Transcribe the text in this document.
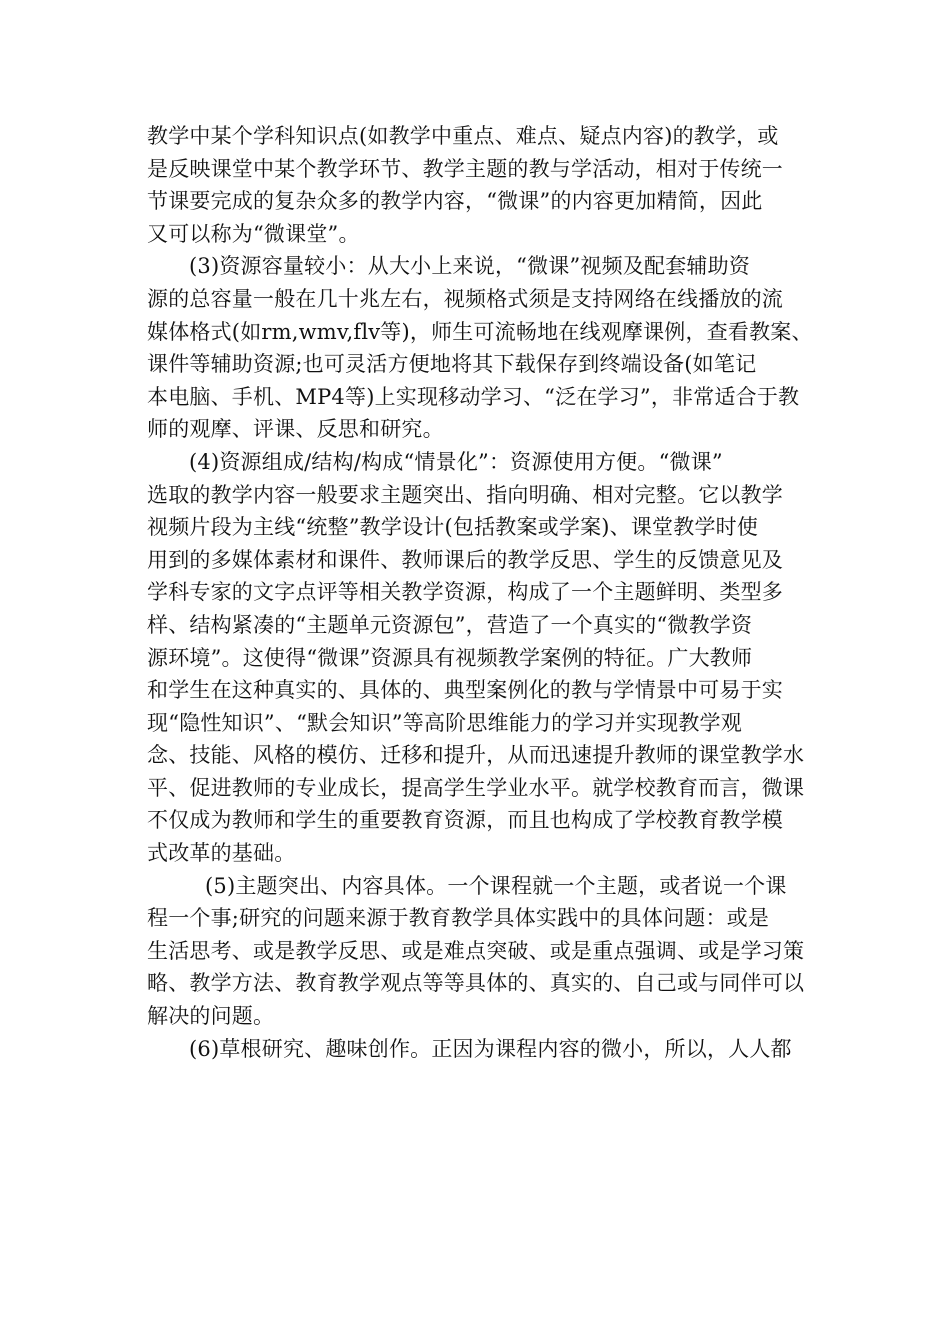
教学中某个学科知识点(如教学中重点、难点、疑点内容)的教学，或
是反映课堂中某个教学环节、教学主题的教与学活动，相对于传统一
节课要完成的复杂众多的教学内容，“微课”的内容更加精简，因此
又可以称为“微课堂”。
(3)资源容量较小：从大小上来说，“微课”视频及配套辅助资
源的总容量一般在几十兆左右，视频格式须是支持网络在线播放的流
媒体格式(如rm,wmv,flv等)，师生可流畅地在线观摩课例，查看教案、
课件等辅助资源;也可灵活方便地将其下载保存到终端设备(如笔记
本电脑、手机、MP4等)上实现移动学习、“泛在学习”，非常适合于教
师的观摩、评课、反思和研究。
(4)资源组成/结构/构成“情景化”：资源使用方便。“微课”
选取的教学内容一般要求主题突出、指向明确、相对完整。它以教学
视频片段为主线“统整”教学设计(包括教案或学案)、课堂教学时使
用到的多媒体素材和课件、教师课后的教学反思、学生的反馈意见及
学科专家的文字点评等相关教学资源，构成了一个主题鲜明、类型多
样、结构紧凑的“主题单元资源包”，营造了一个真实的“微教学资
源环境”。这使得“微课”资源具有视频教学案例的特征。广大教师
和学生在这种真实的、具体的、典型案例化的教与学情景中可易于实
现“隐性知识”、“默会知识”等高阶思维能力的学习并实现教学观
念、技能、风格的模仿、迁移和提升，从而迅速提升教师的课堂教学水
平、促进教师的专业成长，提高学生学业水平。就学校教育而言，微课
不仅成为教师和学生的重要教育资源，而且也构成了学校教育教学模
式改革的基础。
(5)主题突出、内容具体。一个课程就一个主题，或者说一个课
程一个事;研究的问题来源于教育教学具体实践中的具体问题：或是
生活思考、或是教学反思、或是难点突破、或是重点强调、或是学习策
略、教学方法、教育教学观点等等具体的、真实的、自己或与同伴可以
解决的问题。
(6)草根研究、趣味创作。正因为课程内容的微小，所以，人人都
